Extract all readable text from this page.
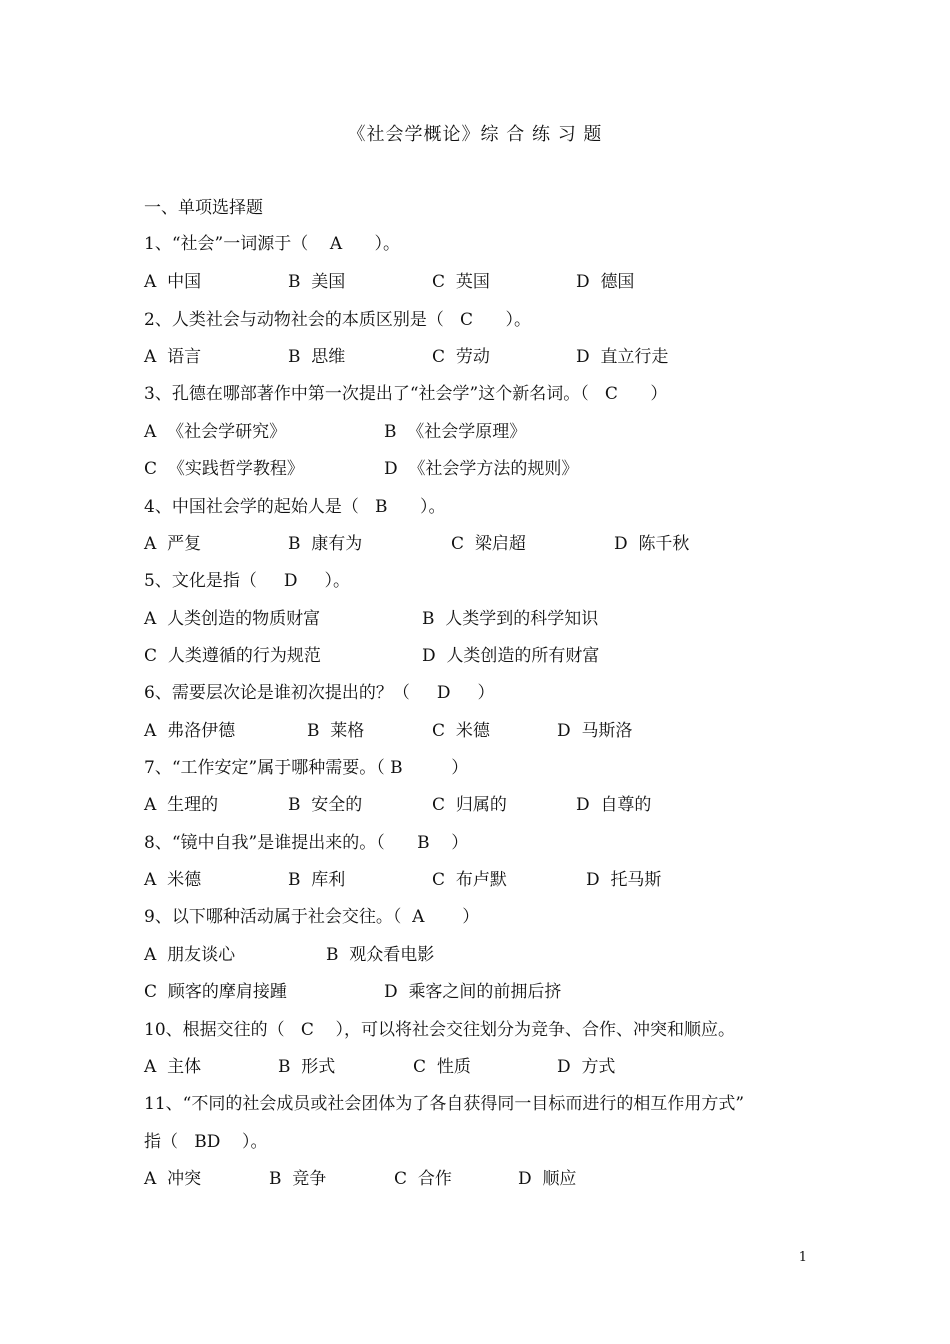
《社会学概论》综 合 练 习 题
一、单项选择题
1、“社会”一词源于（    A      ）。
A  中国	B  美国	C  英国	D  德国
2、人类社会与动物社会的本质区别是（   C      ）。
A  语言	B  思维	C  劳动	D  直立行走
3、孔德在哪部著作中第一次提出了“社会学”这个新名词。（   C      ）
A  《社会学研究》	B  《社会学原理》
C  《实践哲学教程》	D  《社会学方法的规则》
4、中国社会学的起始人是（   B      ）。
A  严复	B  康有为	C  梁启超	D  陈千秋
5、文化是指（     D     ）。
A  人类创造的物质财富	B  人类学到的科学知识
C  人类遵循的行为规范	D  人类创造的所有财富
6、需要层次论是谁初次提出的？（     D     ）
A  弗洛伊德	B  莱格	C  米德	D  马斯洛
7、“工作安定”属于哪种需要。（ B         ）
A  生理的	B  安全的	C  归属的	D  自尊的
8、“镜中自我”是谁提出来的。（      B    ）
A  米德	B  库利	C  布卢默	D  托马斯
9、以下哪种活动属于社会交往。（  A       ）
A  朋友谈心	B  观众看电影
C  顾客的摩肩接踵	D  乘客之间的前拥后挤
10、根据交往的（   C    ），可以将社会交往划分为竞争、合作、冲突和顺应。
A  主体	B  形式	C  性质	D  方式
11、“不同的社会成员或社会团体为了各自获得同一目标而进行的相互作用方式”
指（   BD    ）。
A  冲突	B  竞争	C  合作	D  顺应
1
